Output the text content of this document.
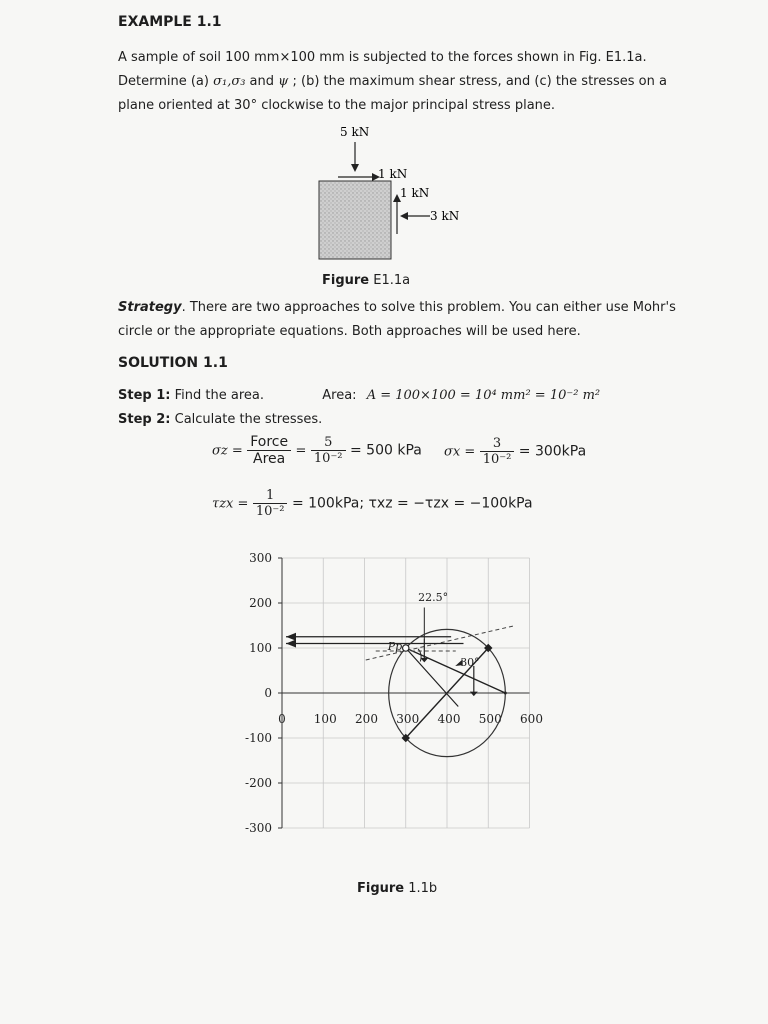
EXAMPLE 1.1
A sample of soil 100 mm×100 mm is subjected to the forces shown in Fig. E1.1a.
Determine (a) σ₁,σ₃ and ψ ; (b) the maximum shear stress, and (c) the stresses on a
plane oriented at 30° clockwise to the major principal stress plane.
5 kN
1 kN
1 kN
3 kN
Figure E1.1a
Strategy. There are two approaches to solve this problem. You can either use Mohr's
circle or the appropriate equations. Both approaches will be used here.
SOLUTION 1.1
Step 1: Find the area.	Area: A = 100×100 = 10⁴ mm² = 10⁻² m²
Step 2: Calculate the stresses.
$\sigma z = \frac{\text{Force}}{\text{Area}} = \frac{5}{\text{10⁻²}} = 500$ kPa $\sigma x = \frac{3}{\text{10⁻²}} = 300kPa$
$\tau zx = \frac{1}{\text{10⁻²}} = 100kPa$; τxz = −τzx = −100kPa
300
200
100
0
-100
-200
-300
0 100 200 300 400 500 600
Pp
22.5°
30°
Figure 1.1b
